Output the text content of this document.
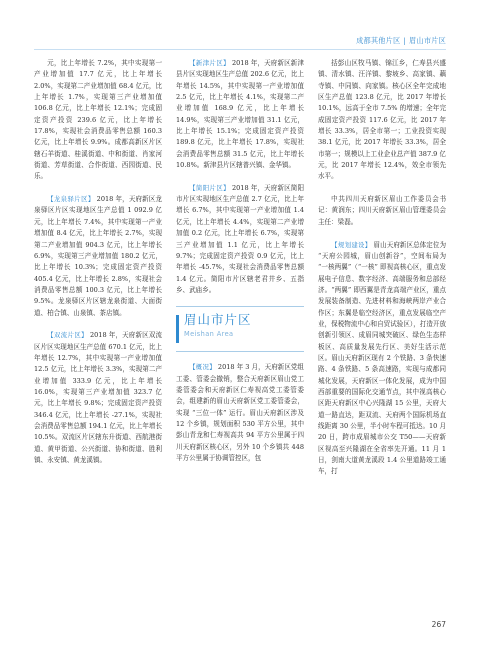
成都其他片区 | 眉山市片区

元，比上年增长 7.2%，其中实现第一产业增加值 17.7 亿元，比上年增长 2.0%，实现第二产业增加值 68.4 亿元，比上年增长 1.7%，实现第三产业增加值 106.8 亿元，比上年增长 12.1%；完成固定资产投资 239.6 亿元，比上年增长 17.8%，实现社会消费品零售总额 160.3 亿元，比上年增长 9.9%。成都高新区片区辖石羊街道、桂溪街道、中和街道、肖家河街道、芳草街道、合作街道、西园街道、民乐。

【龙泉驿片区】 2018 年，天府新区龙泉驿区片区实现地区生产总值 1 092.9 亿元，比上年增长 7.4%，其中实现第一产业增加值 8.4 亿元，比上年增长 2.7%，实现第二产业增加值 904.3 亿元，比上年增长 6.9%，实现第三产业增加值 180.2 亿元，比上年增长 10.3%；完成固定资产投资 405.4 亿元，比上年增长 2.8%，实现社会消费品零售总额 100.3 亿元，比上年增长 9.5%。龙泉驿区片区辖龙泉街道、大面街道、柏合镇、山泉镇、茶店镇。

【双流片区】 2018 年，天府新区双流区片区实现地区生产总值 670.1 亿元，比上年增长 12.7%，其中实现第一产业增加值 12.5 亿元，比上年增长 3.3%，实现第二产业增加值 333.9 亿元，比上年增长 16.0%，实现第三产业增加值 323.7 亿元，比上年增长 9.8%；完成固定资产投资 346.4 亿元，比上年增长 -27.1%，实现社会消费品零售总额 194.1 亿元，比上年增长 10.5%。双流区片区辖东升街道、西航港街道、黄甲街道、公兴街道、协和街道、胜利镇、永安镇、黄龙溪镇。

【新津片区】 2018 年，天府新区新津县片区实现地区生产总值 202.6 亿元，比上年增长 14.5%，其中实现第一产业增加值 2.5 亿元，比上年增长 4.1%，实现第二产业增加值 168.9 亿元，比上年增长 14.9%，实现第三产业增加值 31.1 亿元，比上年增长 15.1%；完成固定资产投资 189.8 亿元，比上年增长 17.8%，实现社会消费品零售总额 31.5 亿元，比上年增长 10.8%。新津县片区辖普兴镇、金华镇。

【简阳片区】 2018 年，天府新区简阳市片区实现地区生产总值 2.7 亿元，比上年增长 6.7%，其中实现第一产业增加值 1.4 亿元，比上年增长 4.4%，实现第二产业增加值 0.2 亿元，比上年增长 6.7%，实现第三产业增加值 1.1 亿元，比上年增长 9.7%；完成固定资产投资 0.9 亿元，比上年增长 -45.7%，实现社会消费品零售总额 1.4 亿元。简阳市片区辖老君井乡、五指乡、武庙乡。

眉山市片区
Meishan Area

【概况】 2018 年 3 月，天府新区党组工委、管委会撤销，整合天府新区眉山党工委管委会和天府新区仁寿视高党工委管委会，组建新的眉山天府新区党工委管委会，实现 “三位一体” 运行。眉山天府新区涉及 12 个乡镇，规划面积 530 平方公里，其中彭山青龙和仁寿视高共 94 平方公里属于四川天府新区核心区，另外 10 个乡镇共 448 平方公里属于协调管控区，包

括彭山区牧马镇、锦江乡，仁寿县兴盛镇、清水镇、汪洋镇、黎坡乡、高家镇、藕寺镇、中同镇、向家镇。核心区全年完成地区生产总值 123.8 亿元，比 2017 年增长 10.1%，远高于全市 7.5% 的增速；全年完成固定资产投资 117.6 亿元，比 2017 年增长 33.3%，居全市第一；工业投资实现 38.1 亿元，比 2017 年增长 33.3%，居全市第一；规模以上工业企业总产值 387.9 亿元，比 2017 年增长 12.4%，效全市领先水平。

中共四川天府新区眉山工作委员会书记：黄润东；四川天府新区眉山管理委员会主任：梁磊。

【规划建设】 眉山天府新区总体定位为 “天府公园城，眉山创新谷”，空间布局为 “一核两翼”（“一核” 即视高核心区，重点发展电子信息、数字经济、高端服务和总部经济。“两翼” 即西翼是青龙高端产业区，重点发展装备制造、先进材料和海峡两岸产业合作区；东翼是临空经济区，重点发展临空产业，保税物流中心和自贸试验区），打造开放创新引领区、成眉同城突破区、绿色生态样板区、高质量发展先行区、美好生活示范区。眉山天府新区现有 2 个铁路、3 条快速路、4 条铁路、5 条高速路，实现与成都同城化发展，天府新区一体化发展，成为中国西部重要的国际化交通节点，其中视高核心区距天府新区中心兴隆湖 15 公里，天府大道一路直达，距双流、天府两个国际机场直线距离 30 公里，半小时车程可抵达。10 月 20 日，跨市成眉城市公交 T50——天府新区视高至兴隆湖在全省率先开通。11 月 1 日，剑南大道黄龙溪段 1.4 公里道路竣工通车，打

267
